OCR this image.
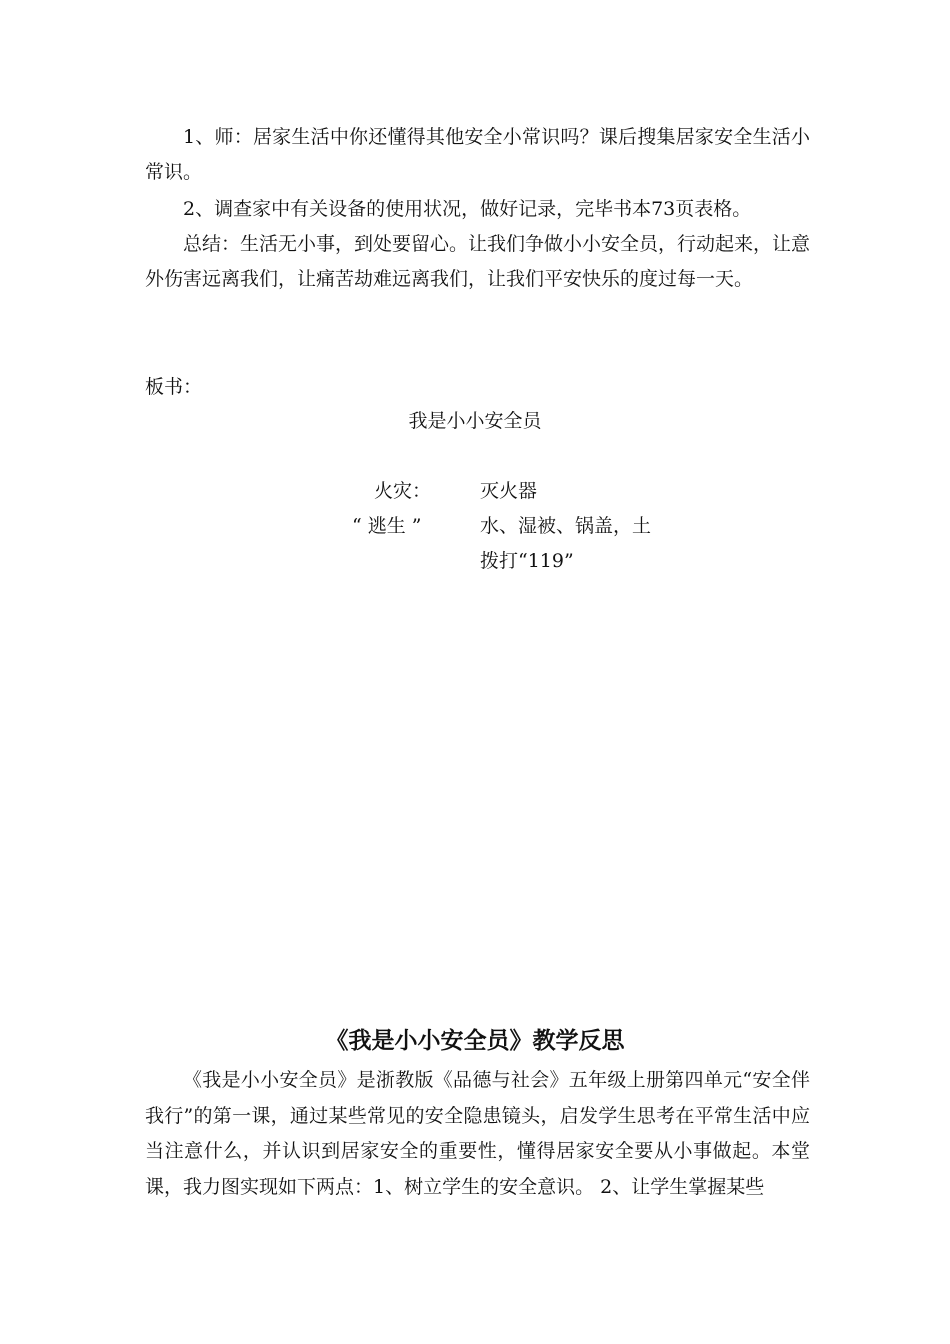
1、师：居家生活中你还懂得其他安全小常识吗？课后搜集居家安全生活小常识。

2、调查家中有关设备的使用状况，做好记录，完毕书本73页表格。

总结：生活无小事，到处要留心。让我们争做小小安全员，行动起来，让意外伤害远离我们，让痛苦劫难远离我们，让我们平安快乐的度过每一天。

板书：

我是小小安全员

火灾：

“ 逃生 ”

灭火器

水、湿被、锅盖，土

拨打“119”

《我是小小安全员》教学反思

《我是小小安全员》是浙教版《品德与社会》五年级上册第四单元“安全伴我行”的第一课，通过某些常见的安全隐患镜头，启发学生思考在平常生活中应当注意什么，并认识到居家安全的重要性，懂得居家安全要从小事做起。本堂课，我力图实现如下两点：1、树立学生的安全意识。 2、让学生掌握某些
